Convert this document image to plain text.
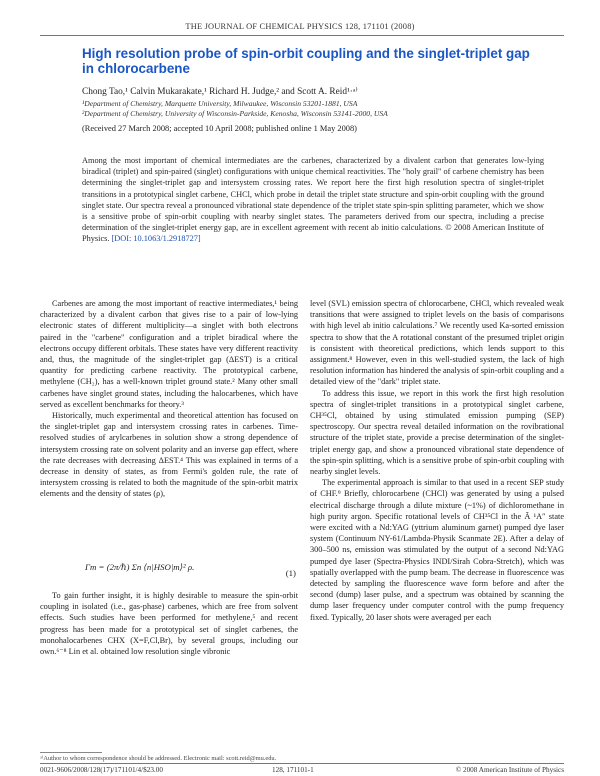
THE JOURNAL OF CHEMICAL PHYSICS 128, 171101 (2008)
High resolution probe of spin-orbit coupling and the singlet-triplet gap in chlorocarbene
Chong Tao,¹ Calvin Mukarakate,¹ Richard H. Judge,² and Scott A. Reid¹·ᵃ⁾
¹Department of Chemistry, Marquette University, Milwaukee, Wisconsin 53201-1881, USA
²Department of Chemistry, University of Wisconsin-Parkside, Kenosha, Wisconsin 53141-2000, USA
(Received 27 March 2008; accepted 10 April 2008; published online 1 May 2008)
Among the most important of chemical intermediates are the carbenes, characterized by a divalent carbon that generates low-lying biradical (triplet) and spin-paired (singlet) configurations with unique chemical reactivities. The "holy grail" of carbene chemistry has been determining the singlet-triplet gap and intersystem crossing rates. We report here the first high resolution spectra of singlet-triplet transitions in a prototypical singlet carbene, CHCl, which probe in detail the triplet state structure and spin-orbit coupling with the ground singlet state. Our spectra reveal a pronounced vibrational state dependence of the triplet state spin-spin splitting parameter, which we show is a sensitive probe of spin-orbit coupling with nearby singlet states. The parameters derived from our spectra, including a precise determination of the singlet-triplet energy gap, are in excellent agreement with recent ab initio calculations. © 2008 American Institute of Physics. [DOI: 10.1063/1.2918727]

Carbenes are among the most important of reactive intermediates,¹ being characterized by a divalent carbon that gives rise to a pair of low-lying electronic states of different multiplicity—a singlet with both electrons paired in the "carbene" configuration and a triplet biradical where the electrons occupy different orbitals. These states have very different reactivity and, thus, the magnitude of the singlet-triplet gap (ΔEST) is a critical quantity for predicting carbene reactivity. The prototypical carbene, methylene (CH₂), has a well-known triplet ground state.² Many other small carbenes have singlet ground states, including the halocarbenes, which have served as excellent benchmarks for theory.³

Historically, much experimental and theoretical attention has focused on the singlet-triplet gap and intersystem crossing rates in carbenes. Time-resolved studies of arylcarbenes in solution show a strong dependence of intersystem crossing rate on solvent polarity and an inverse gap effect, where the rate decreases with decreasing ΔEST.⁴ This was explained in terms of a decrease in density of states, as from Fermi's golden rule, the rate of intersystem crossing is related to both the magnitude of the spin-orbit matrix elements and the density of states (ρ),

Γm = (2π/ℏ) Σn ⟨n|HSO|m⟩² ρ.
(1)

To gain further insight, it is highly desirable to measure the spin-orbit coupling in isolated (i.e., gas-phase) carbenes, which are free from solvent effects. Such studies have been performed for methylene,⁵ and recent progress has been made for a prototypical set of singlet carbenes, the monohalocarbenes CHX (X=F,Cl,Br), by several groups, including our own.⁶⁻⁸ Lin et al. obtained low resolution single vibronic

level (SVL) emission spectra of chlorocarbene, CHCl, which revealed weak transitions that were assigned to triplet levels on the basis of comparisons with high level ab initio calculations.⁷ We recently used Ka-sorted emission spectra to show that the A rotational constant of the presumed triplet origin is consistent with theoretical predictions, which lends support to this assignment.⁸ However, even in this well-studied system, the lack of high resolution information has hindered the analysis of spin-orbit coupling and a detailed view of the "dark" triplet state.

To address this issue, we report in this work the first high resolution spectra of singlet-triplet transitions in a prototypical singlet carbene, CH³⁵Cl, obtained by using stimulated emission pumping (SEP) spectroscopy. Our spectra reveal detailed information on the rovibrational structure of the triplet state, provide a precise determination of the singlet-triplet energy gap, and show a pronounced vibrational state dependence of the spin-spin splitting, which is a sensitive probe of spin-orbit coupling with nearby singlet levels.

The experimental approach is similar to that used in a recent SEP study of CHF.⁹ Briefly, chlorocarbene (CHCl) was generated by using a pulsed electrical discharge through a dilute mixture (~1%) of dichloromethane in high purity argon. Specific rotational levels of CH³⁵Cl in the Ã ¹A″ state were excited with a Nd:YAG (yttrium aluminum garnet) pumped dye laser system (Continuum NY-61/Lambda-Physik Scanmate 2E). After a delay of 300–500 ns, emission was stimulated by the output of a second Nd:YAG pumped dye laser (Spectra-Physics INDI/Sirah Cobra-Stretch), which was spatially overlapped with the pump beam. The decrease in fluorescence was detected by sampling the fluorescence wave form before and after the second (dump) laser pulse, and a spectrum was obtained by scanning the dump laser frequency under computer control with the pump frequency fixed. Typically, 20 laser shots were averaged per each

ᵃ⁾Author to whom correspondence should be addressed. Electronic mail: scott.reid@mu.edu.
0021-9606/2008/128(17)/171101/4/$23.00	128, 171101-1	© 2008 American Institute of Physics
